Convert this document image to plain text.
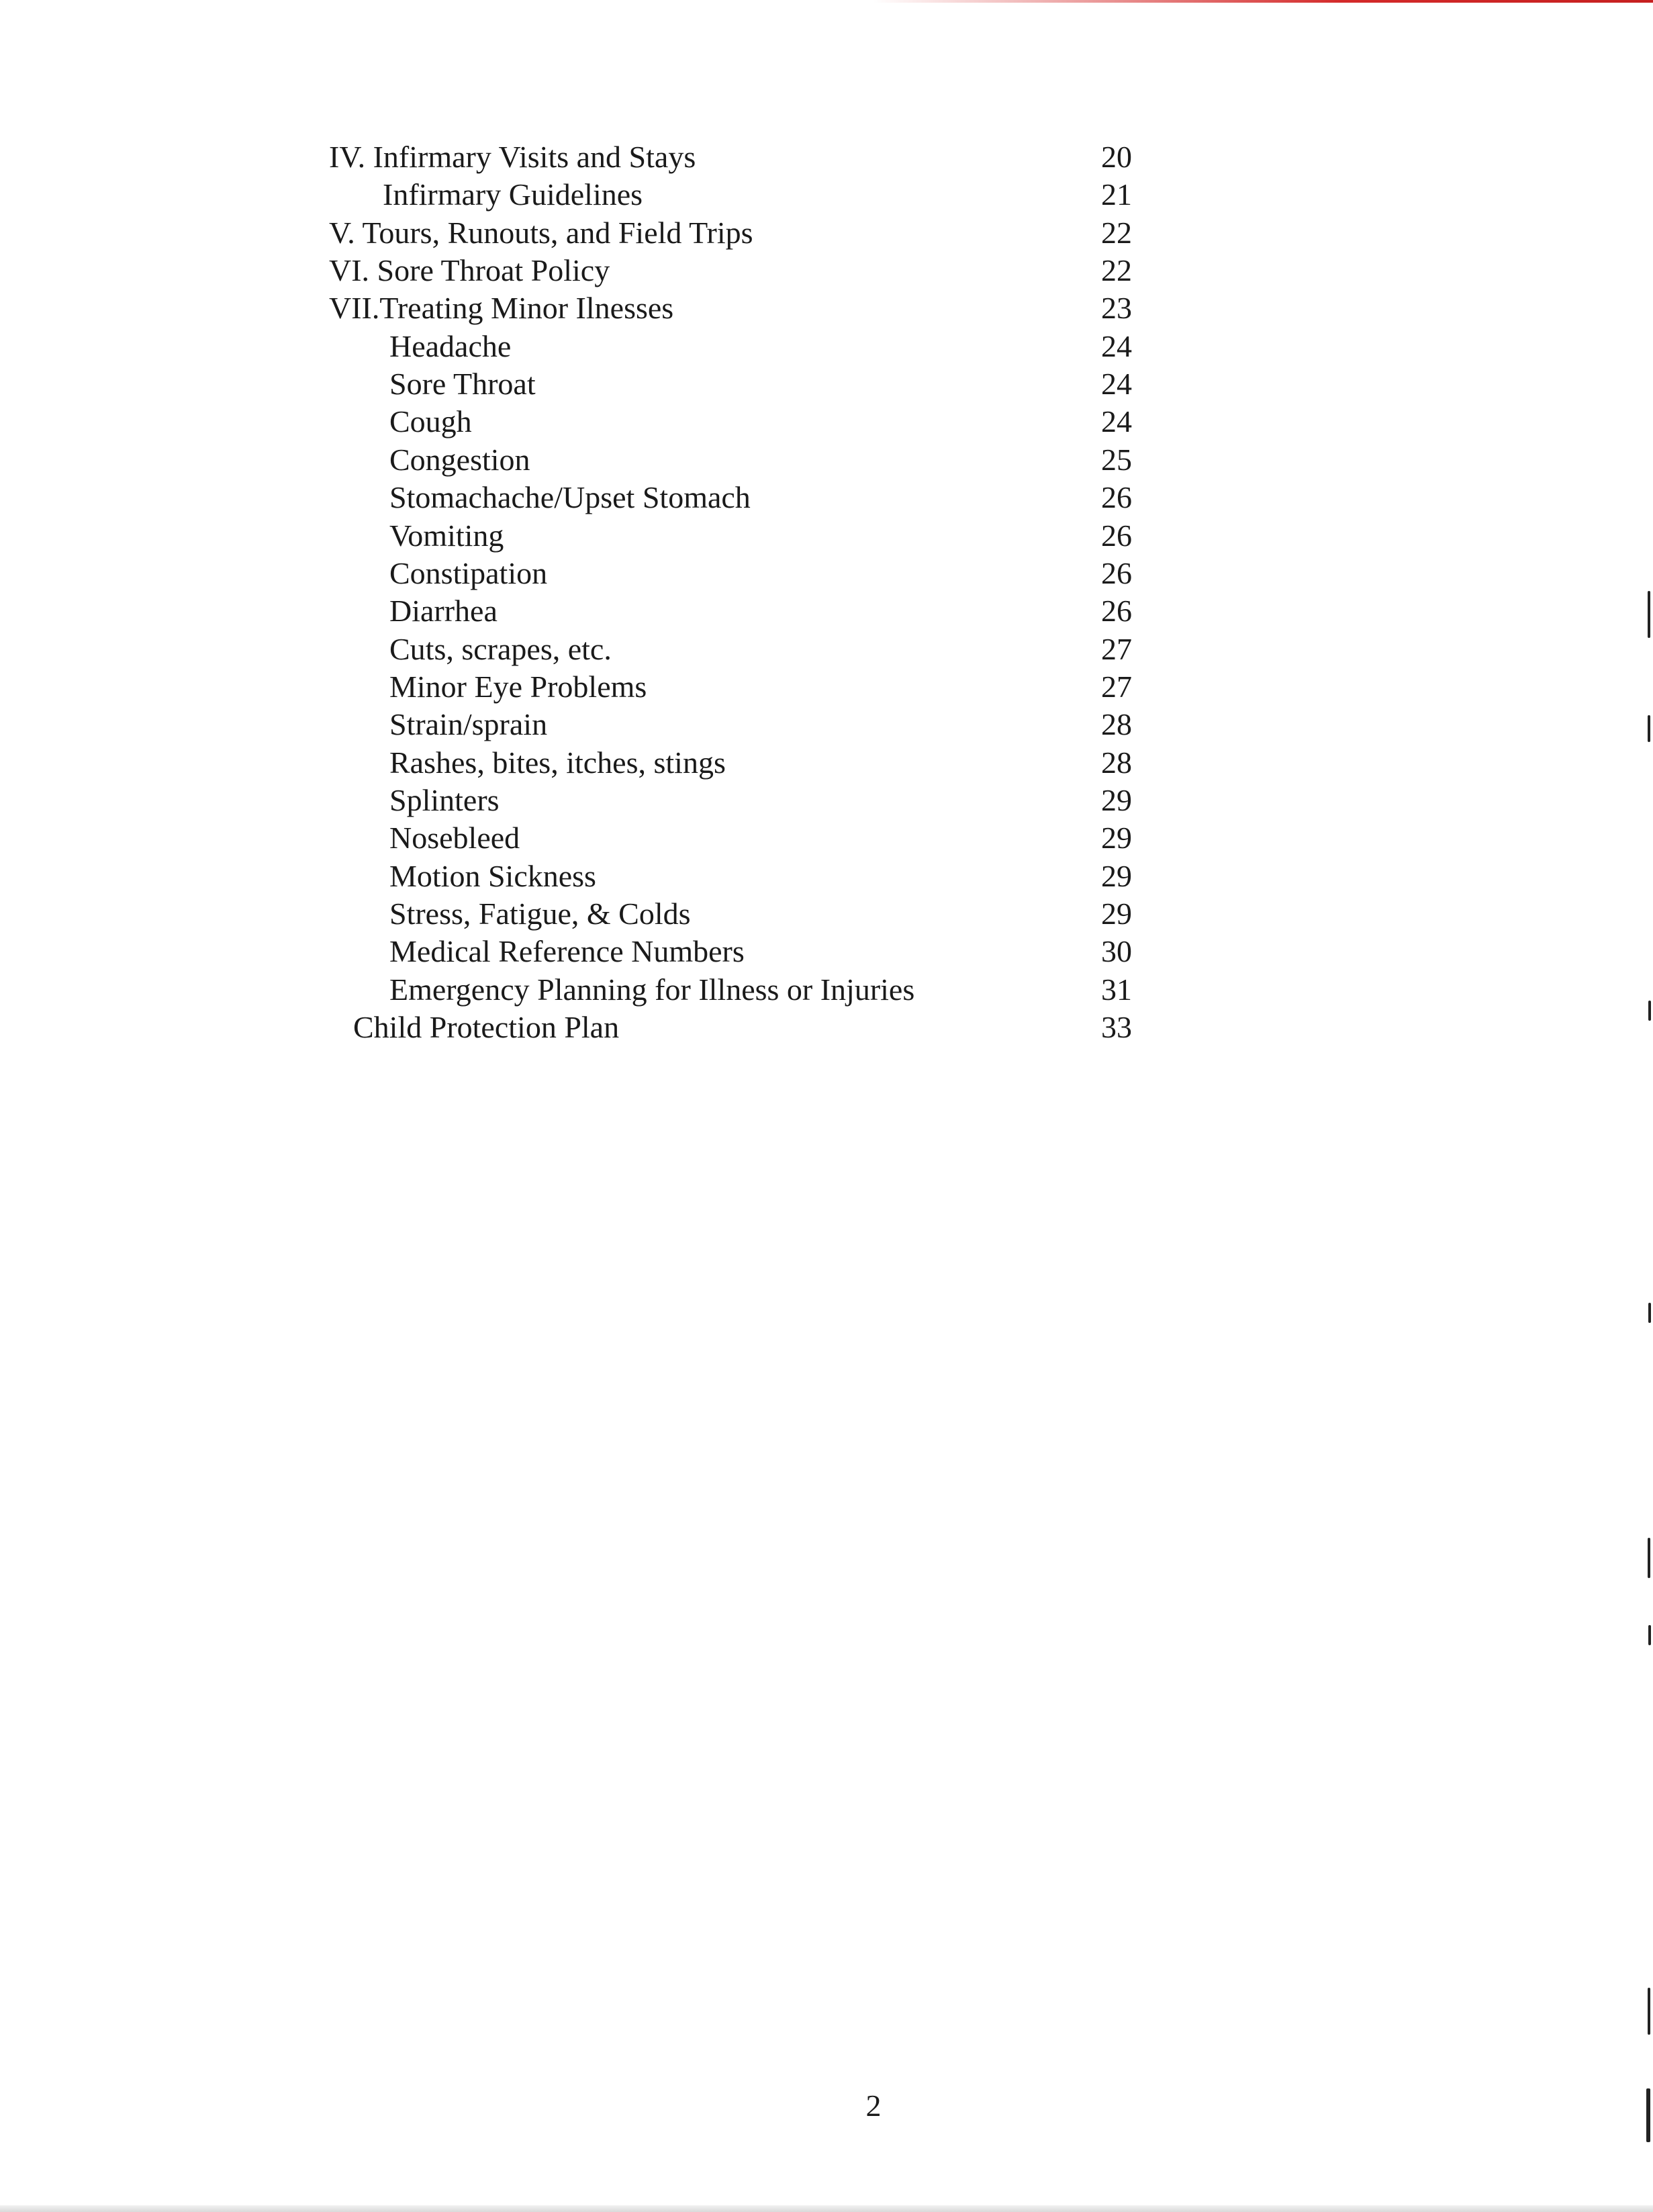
IV. Infirmary Visits and Stays	20
Infirmary Guidelines	21
V. Tours, Runouts, and Field Trips	22
VI. Sore Throat Policy	22
VII.Treating Minor Ilnesses	23
Headache	24
Sore Throat	24
Cough	24
Congestion	25
Stomachache/Upset Stomach	26
Vomiting	26
Constipation	26
Diarrhea	26
Cuts, scrapes, etc.	27
Minor Eye Problems	27
Strain/sprain	28
Rashes, bites, itches, stings	28
Splinters	29
Nosebleed	29
Motion Sickness	29
Stress, Fatigue, & Colds	29
Medical Reference Numbers	30
Emergency Planning for Illness or Injuries	31
Child Protection Plan	33
2
